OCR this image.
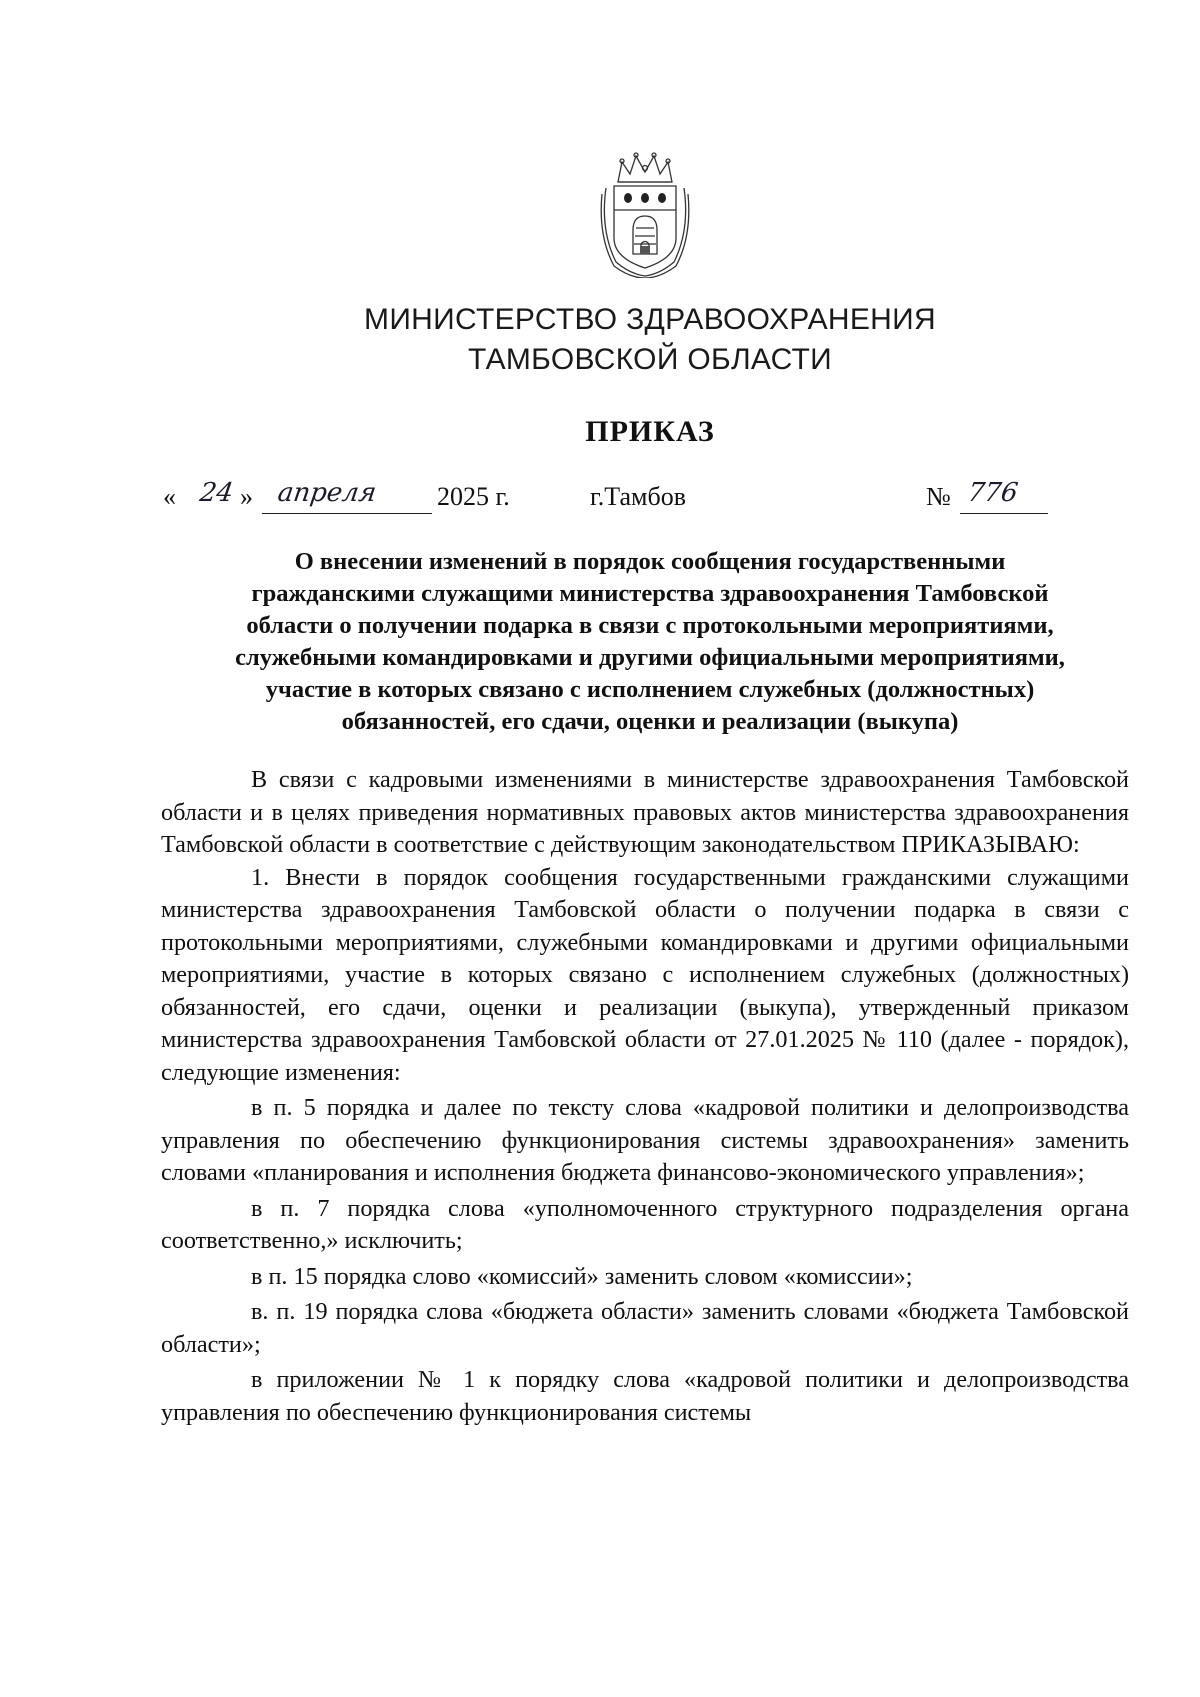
МИНИСТЕРСТВО ЗДРАВООХРАНЕНИЯ
ТАМБОВСКОЙ ОБЛАСТИ
ПРИКАЗ
« 24 » апреля 2025 г.	г.Тамбов	№ 776
О внесении изменений в порядок сообщения государственными
гражданскими служащими министерства здравоохранения Тамбовской
области о получении подарка в связи с протокольными мероприятиями,
служебными командировками и другими официальными мероприятиями,
участие в которых связано с исполнением служебных (должностных)
обязанностей, его сдачи, оценки и реализации (выкупа)

В связи с кадровыми изменениями в министерстве здравоохранения Тамбовской области и в целях приведения нормативных правовых актов министерства здравоохранения Тамбовской области в соответствие с действующим законодательством ПРИКАЗЫВАЮ:

1. Внести в порядок сообщения государственными гражданскими служащими министерства здравоохранения Тамбовской области о получении подарка в связи с протокольными мероприятиями, служебными командировками и другими официальными мероприятиями, участие в которых связано с исполнением служебных (должностных) обязанностей, его сдачи, оценки и реализации (выкупа), утвержденный приказом министерства здравоохранения Тамбовской области от 27.01.2025 № 110 (далее - порядок), следующие изменения:

в п. 5 порядка и далее по тексту слова «кадровой политики и делопроизводства управления по обеспечению функционирования системы здравоохранения» заменить словами «планирования и исполнения бюджета финансово-экономического управления»;

в п. 7 порядка слова «уполномоченного структурного подразделения органа соответственно,» исключить;

в п. 15 порядка слово «комиссий» заменить словом «комиссии»;

в. п. 19 порядка слова «бюджета области» заменить словами «бюджета Тамбовской области»;

в приложении № 1 к порядку слова «кадровой политики и делопроизводства управления по обеспечению функционирования системы
